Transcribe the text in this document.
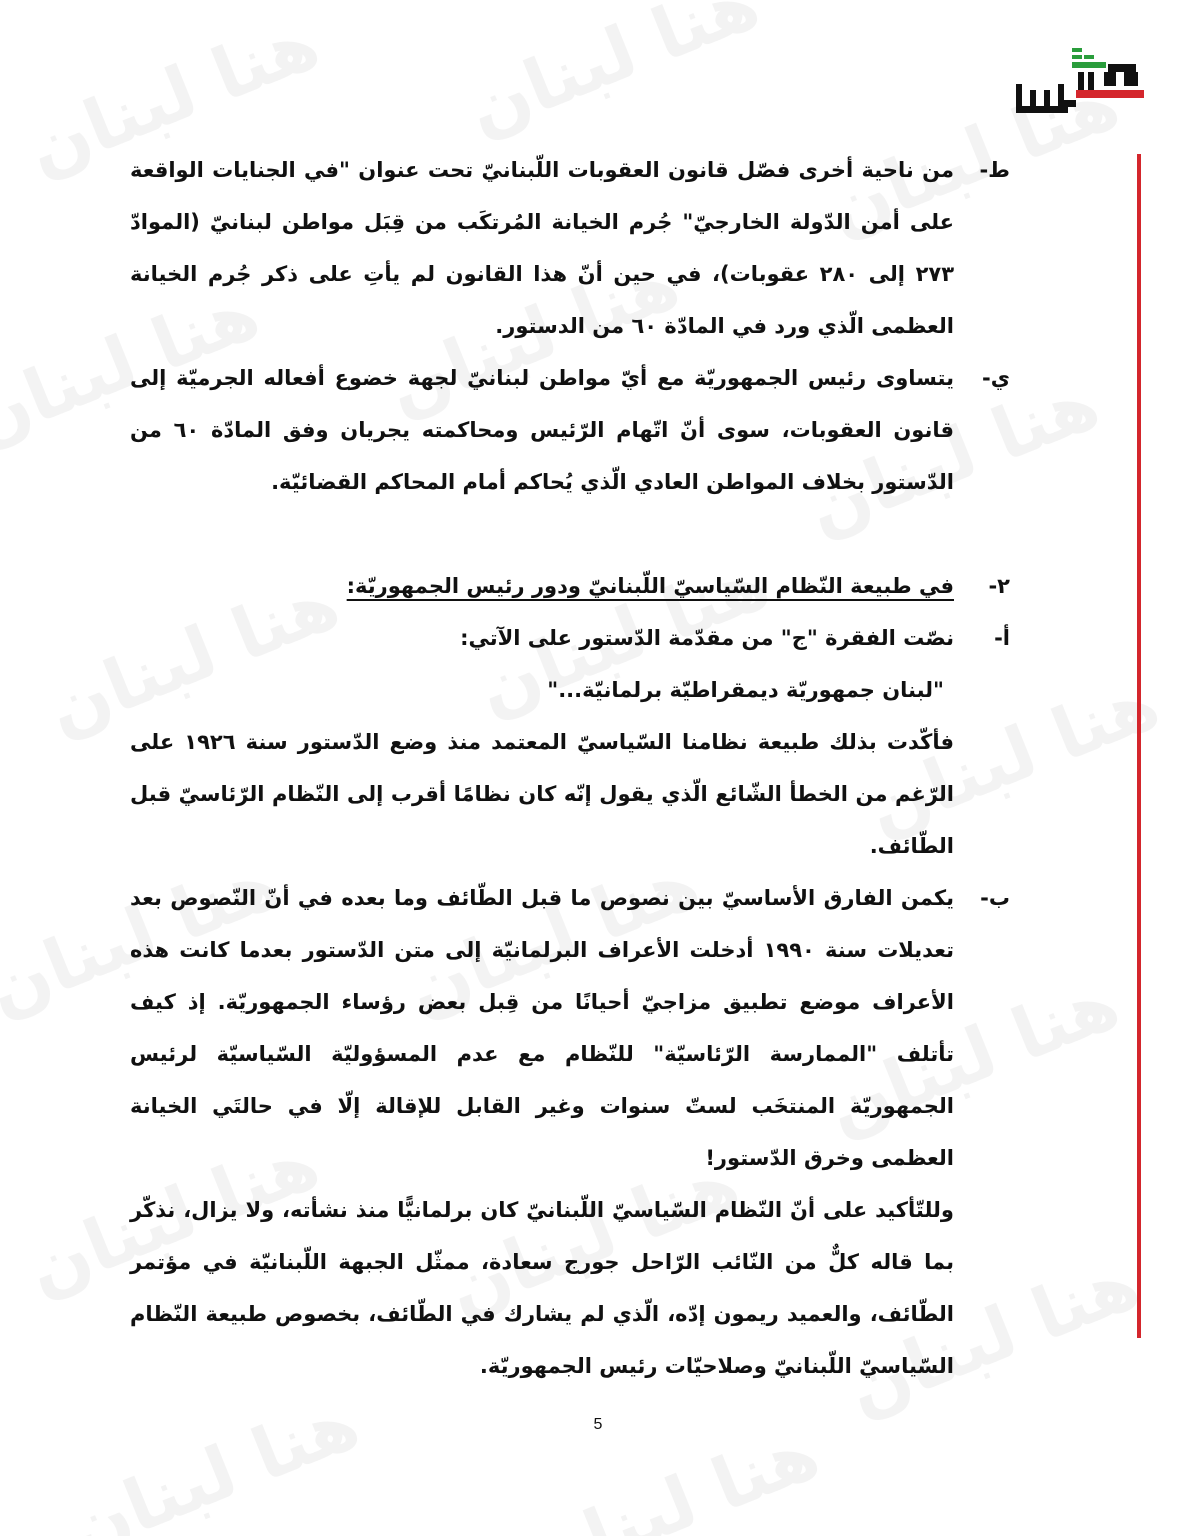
ط-
من ناحية أخرى فصّل قانون العقوبات اللّبنانيّ تحت عنوان "في الجنايات الواقعة على أمن الدّولة الخارجيّ" جُرم الخيانة المُرتكَب من قِبَل مواطن لبنانيّ (الموادّ ٢٧٣ إلى ٢٨٠ عقوبات)، في حين أنّ هذا القانون لم يأتِ على ذكر جُرم الخيانة العظمى الّذي ورد في المادّة ٦٠ من الدستور.
ي-
يتساوى رئيس الجمهوريّة مع أيّ مواطن لبنانيّ لجهة خضوع أفعاله الجرميّة إلى قانون العقوبات، سوى أنّ اتّهام الرّئيس ومحاكمته يجريان وفق المادّة ٦٠ من الدّستور بخلاف المواطن العادي الّذي يُحاكم أمام المحاكم القضائيّة.
٢-
في طبيعة النّظام السّياسيّ اللّبنانيّ ودور رئيس الجمهوريّة:
أ-
نصّت الفقرة "ج" من مقدّمة الدّستور على الآتي:
"لبنان جمهوريّة ديمقراطيّة برلمانيّة..."
فأكّدت بذلك طبيعة نظامنا السّياسيّ المعتمد منذ وضع الدّستور سنة ١٩٢٦ على الرّغم من الخطأ الشّائع الّذي يقول إنّه كان نظامًا أقرب إلى النّظام الرّئاسيّ قبل الطّائف.
ب-
يكمن الفارق الأساسيّ بين نصوص ما قبل الطّائف وما بعده في أنّ النّصوص بعد تعديلات سنة ١٩٩٠ أدخلت الأعراف البرلمانيّة إلى متن الدّستور بعدما كانت هذه الأعراف موضع تطبيق مزاجيّ أحيانًا من قِبل بعض رؤساء الجمهوريّة. إذ كيف تأتلف "الممارسة الرّئاسيّة" للنّظام مع عدم المسؤوليّة السّياسيّة لرئيس الجمهوريّة المنتخَب لستّ سنوات وغير القابل للإقالة إلّا في حالتَي الخيانة العظمى وخرق الدّستور!
وللتّأكيد على أنّ النّظام السّياسيّ اللّبنانيّ كان برلمانيًّا منذ نشأته، ولا يزال، نذكّر بما قاله كلٌّ من النّائب الرّاحل جورج سعادة، ممثّل الجبهة اللّبنانيّة في مؤتمر الطّائف، والعميد ريمون إدّه، الّذي لم يشارك في الطّائف، بخصوص طبيعة النّظام السّياسيّ اللّبنانيّ وصلاحيّات رئيس الجمهوريّة.
5
